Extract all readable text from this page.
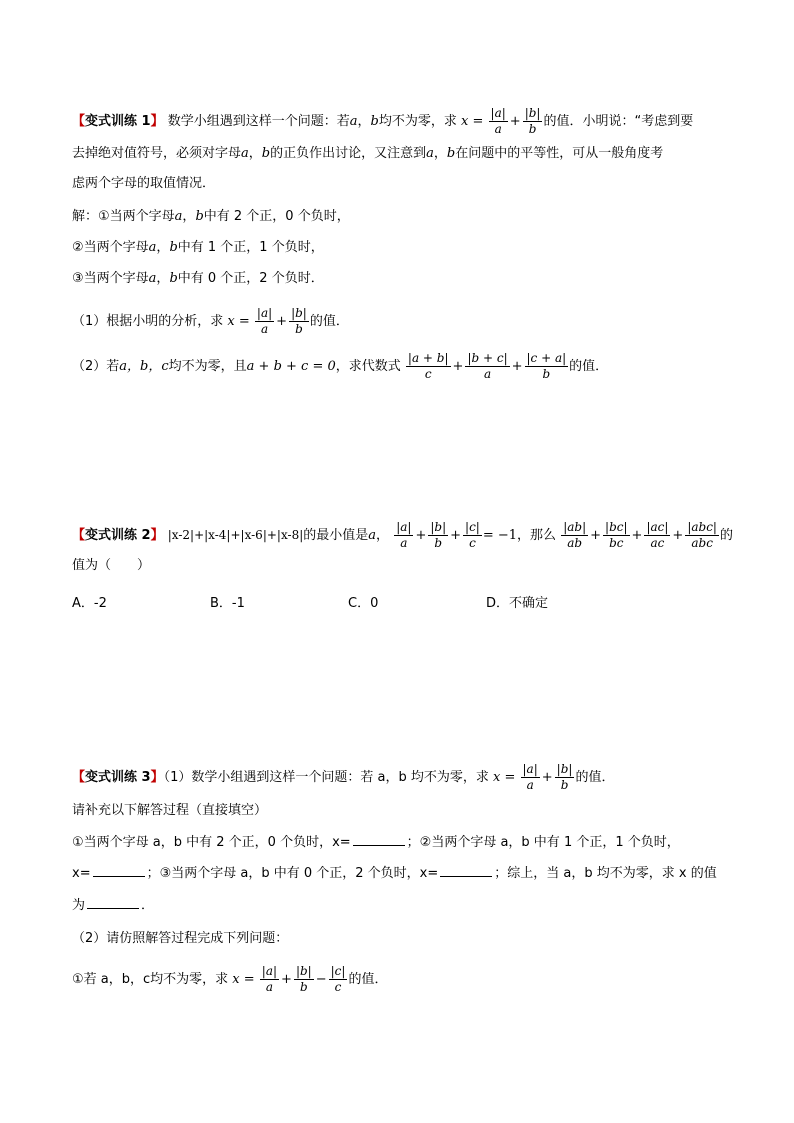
【变式训练 1】 数学小组遇到这样一个问题：若a，b均不为零，求 $x = \frac{|a|}{a} + \frac{|b|}{b}$ 的值．小明说：“考虑到要
去掉绝对值符号，必须对字母a，b的正负作出讨论，又注意到a，b在问题中的平等性，可从一般角度考
虑两个字母的取值情况．
解：①当两个字母a，b中有 2 个正，0 个负时，
②当两个字母a，b中有 1 个正，1 个负时，
③当两个字母a，b中有 0 个正，2 个负时．
（1）根据小明的分析，求 $x = \frac{|a|}{a} + \frac{|b|}{b}$ 的值．
（2）若a，b，c均不为零，且a + b + c = 0，求代数式 $\frac{|a + b|}{c} + \frac{|b + c|}{a} + \frac{|c + a|}{b}$ 的值．
【变式训练 2】 |x-2|+|x-4|+|x-6|+|x-8|的最小值是a， $\frac{|a|}{a} + \frac{|b|}{b} + \frac{|c|}{c} = -1$，那么 $\frac{|ab|}{ab} + \frac{|bc|}{bc} + \frac{|ac|}{ac} + \frac{\text{|abc|}}{\text{abc}}$ 的
值为（　　）
A．-2	B．-1	C．0	D．不确定
【变式训练 3】（1）数学小组遇到这样一个问题：若 a，b 均不为零，求 $x = \frac{|a|}{a} + \frac{|b|}{b}$ 的值．
请补充以下解答过程（直接填空）
①当两个字母 a，b 中有 2 个正，0 个负时，x=	；②当两个字母 a，b 中有 1 个正，1 个负时，
x=	；③当两个字母 a，b 中有 0 个正，2 个负时，x=	；综上，当 a，b 均不为零，求 x 的值
为	．
（2）请仿照解答过程完成下列问题：
①若 a，b，c均不为零，求 $x = \frac{|a|}{a} + \frac{|b|}{b} - \frac{|c|}{c}$ 的值．
